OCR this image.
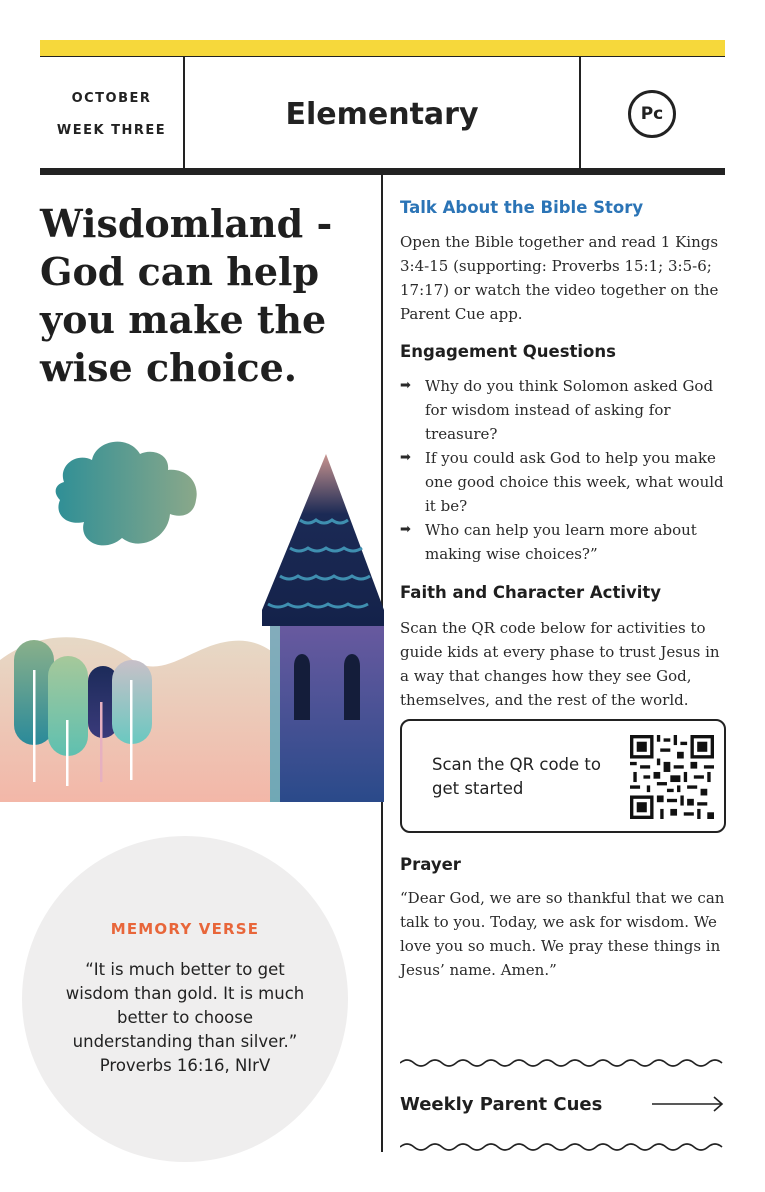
OCTOBER
WEEK THREE	Elementary	Pc
Wisdomland - God can help you make the wise choice.
MEMORY VERSE
“It is much better to get wisdom than gold. It is much better to choose understanding than silver.”
Proverbs 16:16, NIrV
Talk About the Bible Story
Open the Bible together and read 1 Kings 3:4-15 (supporting: Proverbs 15:1; 3:5-6; 17:17) or watch the video together on the Parent Cue app.
Engagement Questions
➡ Why do you think Solomon asked God for wisdom instead of asking for treasure?
➡ If you could ask God to help you make one good choice this week, what would it be?
➡ Who can help you learn more about making wise choices?”
Faith and Character Activity
Scan the QR code below for activities to guide kids at every phase to trust Jesus in a way that changes how they see God, themselves, and the rest of the world.
Scan the QR code to get started
Prayer
“Dear God, we are so thankful that we can talk to you. Today, we ask for wisdom. We love you so much. We pray these things in Jesus’ name. Amen.”
Weekly Parent Cues
